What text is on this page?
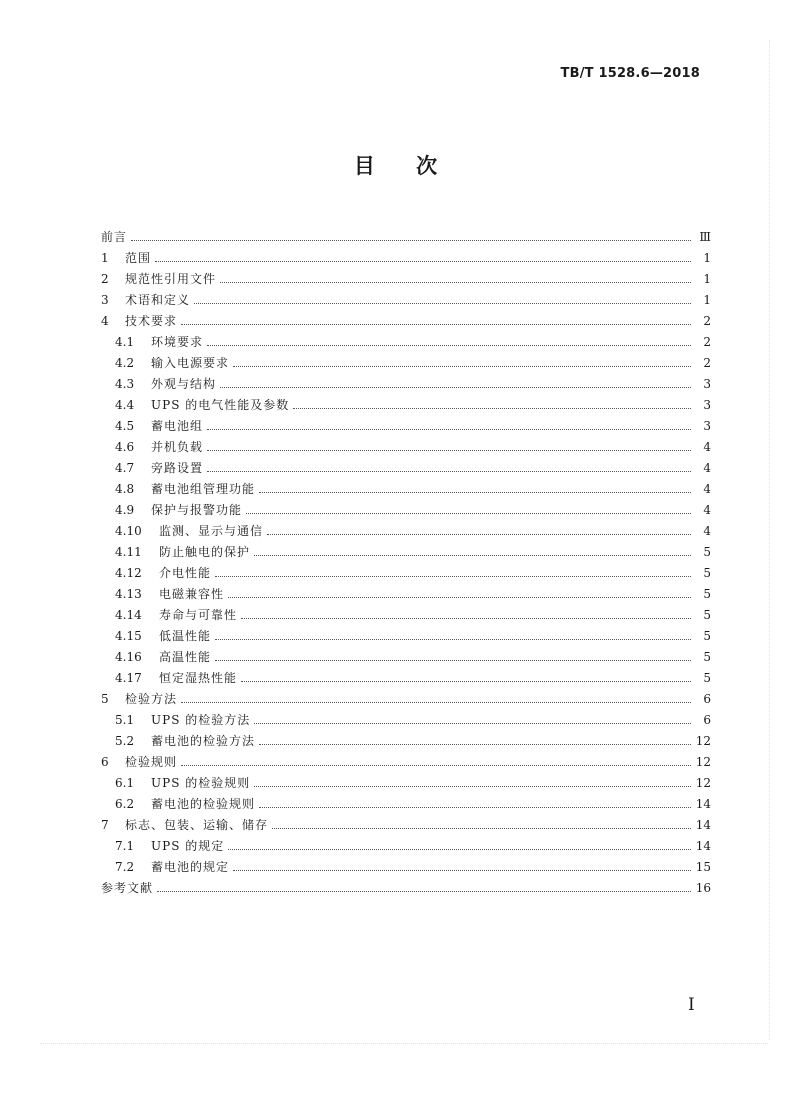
TB/T 1528.6—2018
目 次
前言	Ⅲ
1	范围	1
2	规范性引用文件	1
3	术语和定义	1
4	技术要求	2
4.1	环境要求	2
4.2	输入电源要求	2
4.3	外观与结构	3
4.4	UPS 的电气性能及参数	3
4.5	蓄电池组	3
4.6	并机负载	4
4.7	旁路设置	4
4.8	蓄电池组管理功能	4
4.9	保护与报警功能	4
4.10	监测、显示与通信	4
4.11	防止触电的保护	5
4.12	介电性能	5
4.13	电磁兼容性	5
4.14	寿命与可靠性	5
4.15	低温性能	5
4.16	高温性能	5
4.17	恒定湿热性能	5
5	检验方法	6
5.1	UPS 的检验方法	6
5.2	蓄电池的检验方法	12
6	检验规则	12
6.1	UPS 的检验规则	12
6.2	蓄电池的检验规则	14
7	标志、包装、运输、储存	14
7.1	UPS 的规定	14
7.2	蓄电池的规定	15
参考文献	16
Ⅰ
